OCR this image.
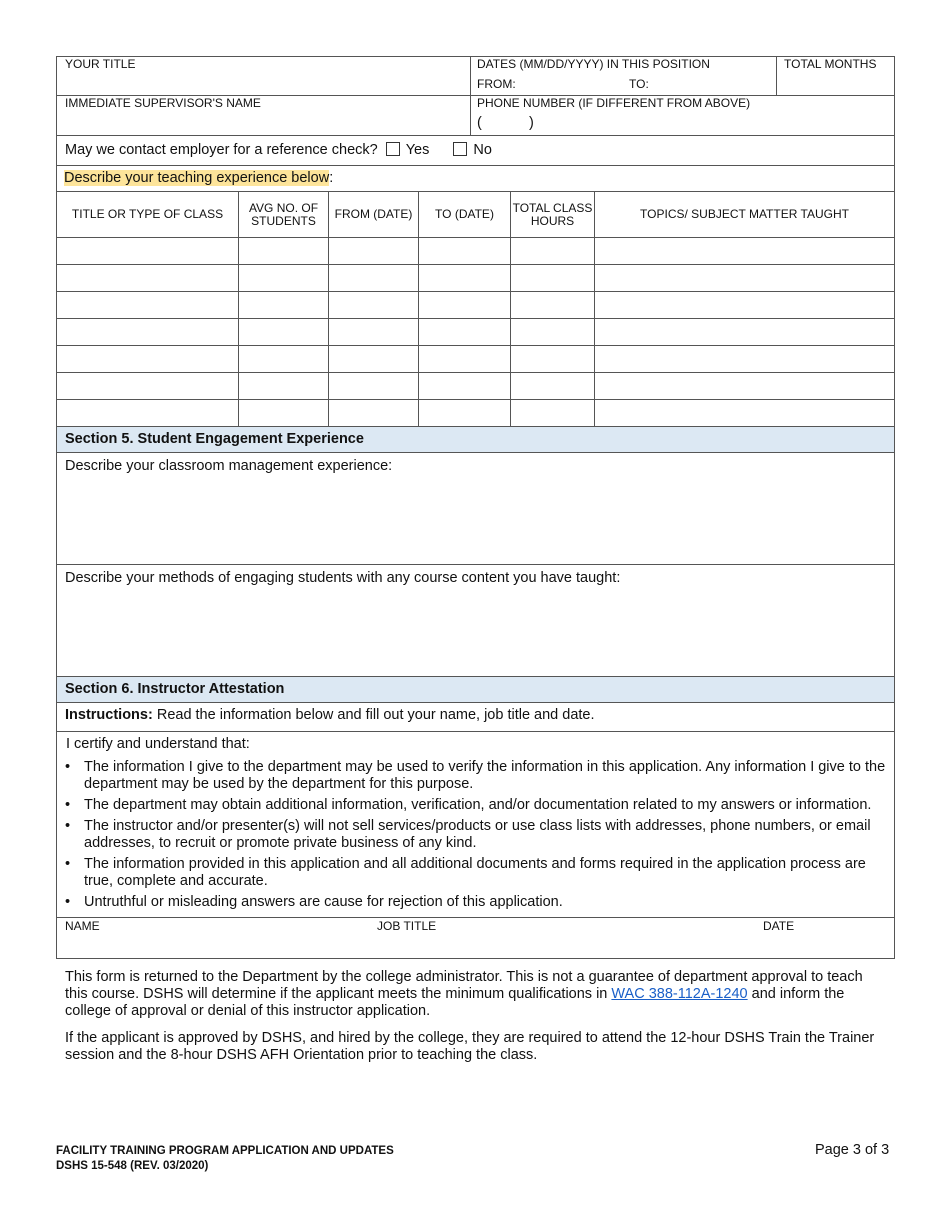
YOUR TITLE	DATES (MM/DD/YYYY) IN THIS POSITION
FROM:	TO:
TOTAL MONTHS
IMMEDIATE SUPERVISOR'S NAME	PHONE NUMBER (IF DIFFERENT FROM ABOVE)
(	)
May we contact employer for a reference check? Yes	No
Describe your teaching experience below:
TITLE OR TYPE OF CLASS	AVG NO. OF STUDENTS	FROM (DATE)	TO (DATE)	TOTAL CLASS HOURS	TOPICS/ SUBJECT MATTER TAUGHT

Section 5. Student Engagement Experience
Describe your classroom management experience:
Describe your methods of engaging students with any course content you have taught:
Section 6. Instructor Attestation
Instructions: Read the information below and fill out your name, job title and date.
I certify and understand that:
• The information I give to the department may be used to verify the information in this application. Any information I give to the department may be used by the department for this purpose.
• The department may obtain additional information, verification, and/or documentation related to my answers or information.
• The instructor and/or presenter(s) will not sell services/products or use class lists with addresses, phone numbers, or email addresses, to recruit or promote private business of any kind.
• The information provided in this application and all additional documents and forms required in the application process are true, complete and accurate.
• Untruthful or misleading answers are cause for rejection of this application.
NAME	JOB TITLE	DATE
This form is returned to the Department by the college administrator. This is not a guarantee of department approval to teach this course. DSHS will determine if the applicant meets the minimum qualifications in WAC 388-112A-1240 and inform the college of approval or denial of this instructor application.
If the applicant is approved by DSHS, and hired by the college, they are required to attend the 12-hour DSHS Train the Trainer session and the 8-hour DSHS AFH Orientation prior to teaching the class.
FACILITY TRAINING PROGRAM APPLICATION AND UPDATES
DSHS 15-548 (REV. 03/2020)
Page 3 of 3
